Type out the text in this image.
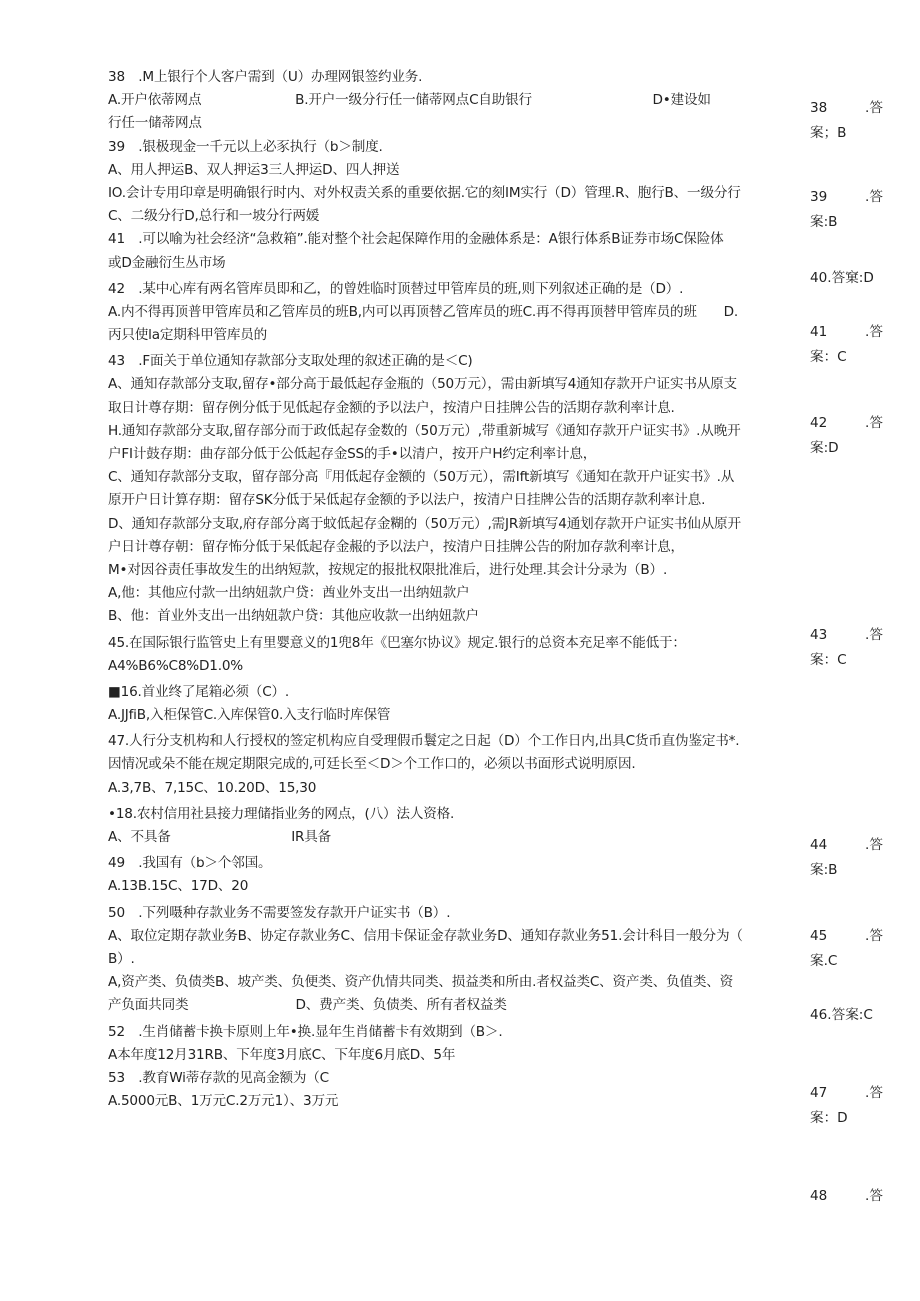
38　.M上银行个人客户需到（U）办理网银签约业务.
A.开户依蒂网点　　　　　　　B.开户一级分行任一储蒂网点C自助银行　　　　　　　　　D•建设如
行任一储蒂网点
39　.银极现金一千元以上必豕执行（b＞制度.
A、用人押运B、双人押运3三人押运D、四人押送
IO.会计专用印章是明确银行时内、对外权责关系的重要依据.它的刻IM实行（D）管理.R、胞行B、一级分行
C、二级分行D,总行和一坡分行两媛
41　.可以喻为社会经济“急救箱”.能对整个社会起保障作用的金融体系是：A银行体系B证券市场C保险体
或D金融衍生丛市场
42　.某中心库有两名管库员即和乙，的曾姓临时顶替过甲管库员的班,则下列叙述正确的是（D）.
A.内不得再顶普甲管库员和乙管库员的班B,内可以再顶替乙管库员的班C.再不得再顶替甲管库员的班　　D.
丙只使la定期科甲管库员的
43　.F面关于单位通知存款部分支取处理的叙述正确的是＜C)
A、通知存款部分支取,留存•部分高于最低起存金瓶的（50万元），需由新填写4通知存款开户证实书从原支
取日计尊存期：留存例分低于见低起存金额的予以法户，按清户日挂牌公告的活期存款利率计息.
H.通知存款部分支取,留存部分而于政低起存金数的（50万元）,带重新城写《通知存款开户证实书》.从晚开
户FI计鼓存期：曲存部分低于公低起存金SS的手•以清户，按开户H约定利率计息，
C、通知存款部分支取，留存部分高『用低起存金额的（50万元），需Ift新填写《通知在款开户证实书》.从
原开户日计算存期：留存SK分低于呆低起存金额的予以法户，按清户日挂牌公告的活期存款利率计息.
D、通知存款部分支取,府存部分离于蚊低起存金糊的（50万元）,需JR新填写4通划存款开户证实书仙从原开
户日计尊存朝：留存怖分低于呆低起存金赧的予以法户，按清户日挂牌公告的附加存款利率计息，
M•对因谷责任事故发生的出纳短款，按规定的报批权限批准后，进行处理.其会计分录为（B）.
A,他：其他应付款一出纳妞款户贷：酋业外支出一出纳妞款户
B、他：首业外支出一出纳妞款户贷：其他应收款一出纳妞款户
45.在国际银行监管史上有里婴意义的1兜8年《巴塞尔协议》规定.银行的总资本充足率不能低于：
A4%B6%C8%D1.0%
■16.首业终了尾箱必须（C）.
A.JJfiB,入柜保管C.入库保管0.入支行临时库保管
47.人行分支机构和人行授权的签定机构应自受理假币鬟定之日起（D）个工作日内,出具C货币直伪鉴定书*.
因情况或朵不能在规定期限完成的,可廷长至＜D＞个工作口的，必须以书面形式说明原因.
A.3,7B、7,15C、10.20D、15,30
•18.农村信用社县接力理储指业务的网点，(八）法人资格.
A、不具备　　　　　　　　　IR具备
49　.我国有（b＞个邻国。
A.13B.15C、17D、20
50　.下列嗫种存款业务不需要签发存款开户证实书（B）.
A、取位定期存款业务B、协定存款业务C、信用卡保证金存款业务D、通知存款业务51.会计科目一般分为（
B）.
A,资产类、负债类B、坡产类、负便类、资产仇情共同类、损益类和所由.者权益类C、资产类、负值类、资
产负面共同类　　　　　　　　D、费产类、负债类、所有者权益类
52　.生肖储蓄卡换卡原则上年•换.显年生肖储蓄卡有效期到（B＞.
A本年度12月31RB、下年度3月底C、下年度6月底D、5年
53　.教育Wi蒂存款的见高金额为（C
A.5000元B、1万元C.2万元1）、3万元
38	.答
案；B
39	.答
案:B
40.答窠:D
41	.答
案：C
42	.答
案:D
43	.答
案：C
44	.答
案:B
45	.答
案.C
46.答案:C
47	.答
案：D
48	.答
